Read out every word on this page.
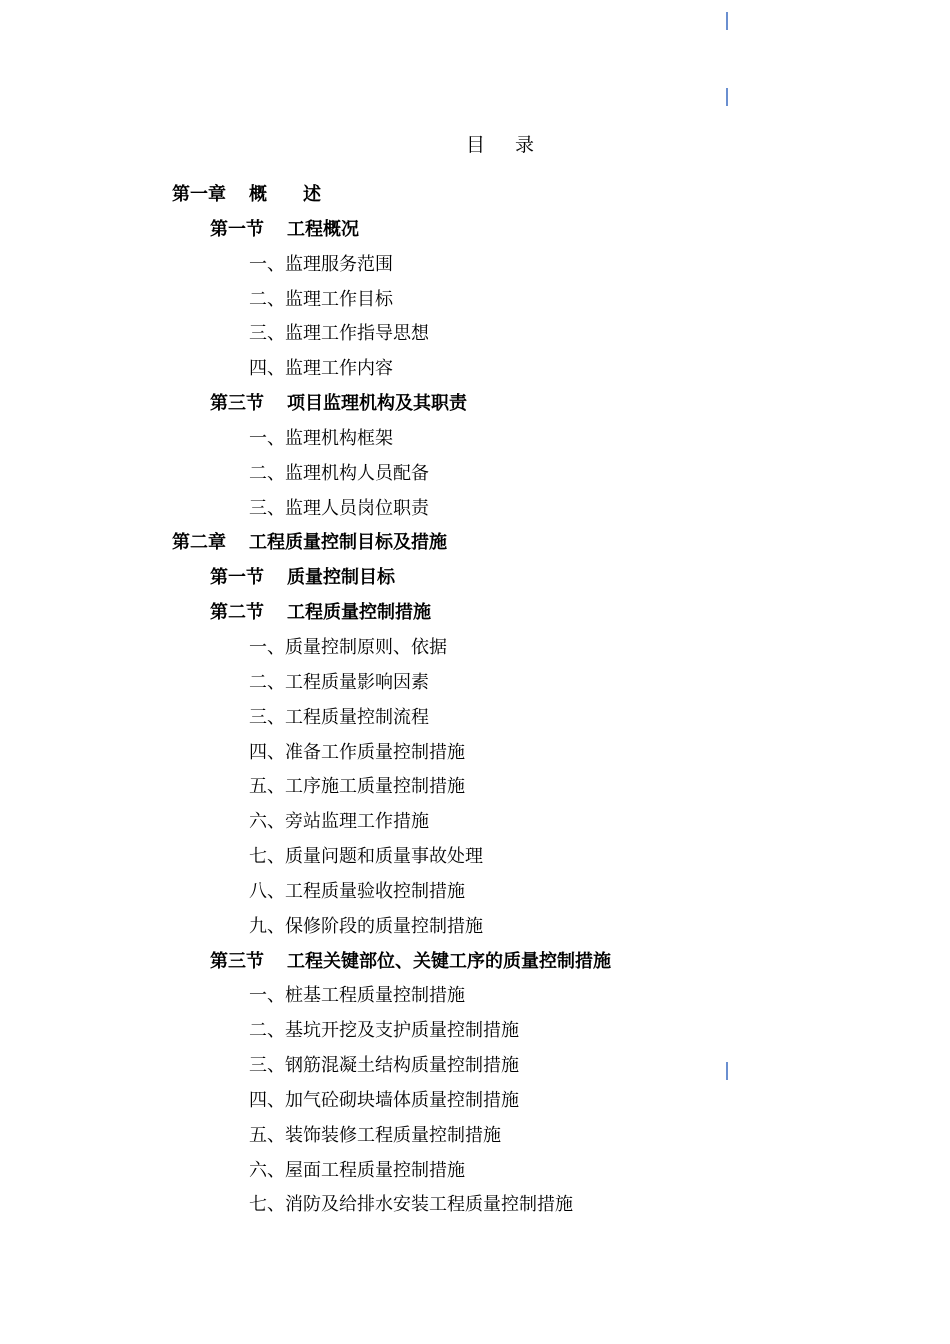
目 录
第一章 概　　述
第一节 工程概况
一、监理服务范围
二、监理工作目标
三、监理工作指导思想
四、监理工作内容
第三节 项目监理机构及其职责
一、监理机构框架
二、监理机构人员配备
三、监理人员岗位职责
第二章 工程质量控制目标及措施
第一节 质量控制目标
第二节 工程质量控制措施
一、质量控制原则、依据
二、工程质量影响因素
三、工程质量控制流程
四、准备工作质量控制措施
五、工序施工质量控制措施
六、旁站监理工作措施
七、质量问题和质量事故处理
八、工程质量验收控制措施
九、保修阶段的质量控制措施
第三节 工程关键部位、关键工序的质量控制措施
一、桩基工程质量控制措施
二、基坑开挖及支护质量控制措施
三、钢筋混凝土结构质量控制措施
四、加气砼砌块墙体质量控制措施
五、装饰装修工程质量控制措施
六、屋面工程质量控制措施
七、消防及给排水安装工程质量控制措施
